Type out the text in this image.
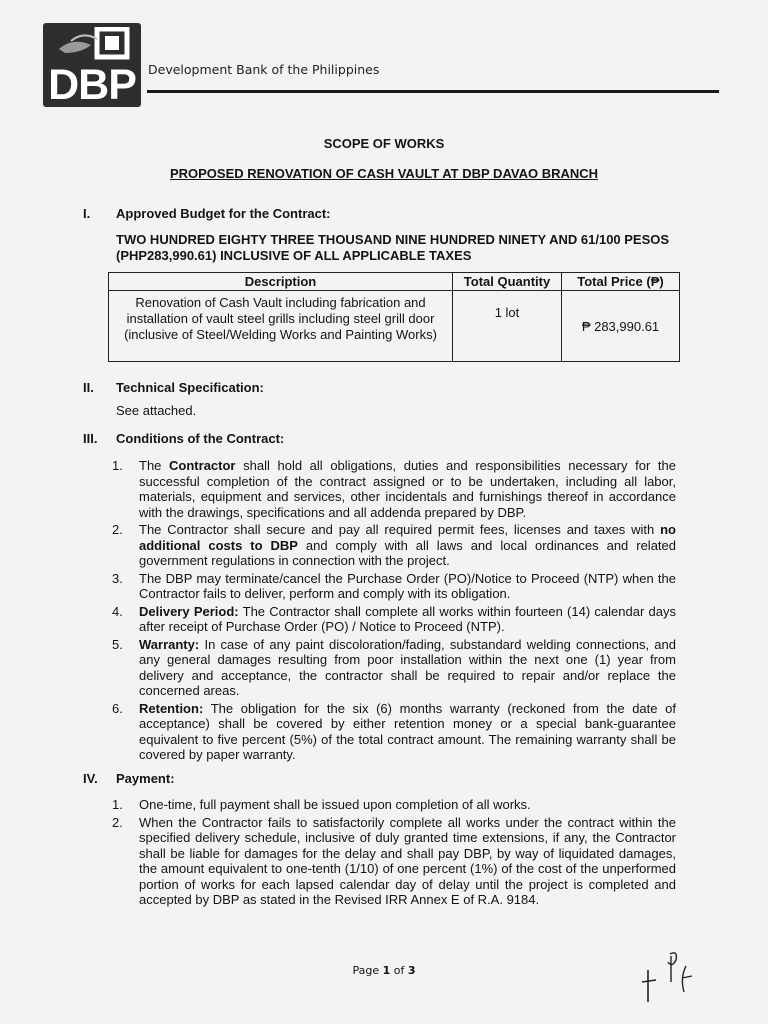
DBP Development Bank of the Philippines
SCOPE OF WORKS
PROPOSED RENOVATION OF CASH VAULT AT DBP DAVAO BRANCH
I. Approved Budget for the Contract:
TWO HUNDRED EIGHTY THREE THOUSAND NINE HUNDRED NINETY AND 61/100 PESOS (PHP283,990.61) INCLUSIVE OF ALL APPLICABLE TAXES
Description	Total Quantity	Total Price (₱)
Renovation of Cash Vault including fabrication and installation of vault steel grills including steel grill door (inclusive of Steel/Welding Works and Painting Works)	1 lot	₱ 283,990.61
II. Technical Specification:
See attached.
III. Conditions of the Contract:
1.	The Contractor shall hold all obligations, duties and responsibilities necessary for the successful completion of the contract assigned or to be undertaken, including all labor, materials, equipment and services, other incidentals and furnishings thereof in accordance with the drawings, specifications and all addenda prepared by DBP.
2.	The Contractor shall secure and pay all required permit fees, licenses and taxes with no additional costs to DBP and comply with all laws and local ordinances and related government regulations in connection with the project.
3.	The DBP may terminate/cancel the Purchase Order (PO)/Notice to Proceed (NTP) when the Contractor fails to deliver, perform and comply with its obligation.
4.	Delivery Period: The Contractor shall complete all works within fourteen (14) calendar days after receipt of Purchase Order (PO) / Notice to Proceed (NTP).
5.	Warranty: In case of any paint discoloration/fading, substandard welding connections, and any general damages resulting from poor installation within the next one (1) year from delivery and acceptance, the contractor shall be required to repair and/or replace the concerned areas.
6.	Retention: The obligation for the six (6) months warranty (reckoned from the date of acceptance) shall be covered by either retention money or a special bank-guarantee equivalent to five percent (5%) of the total contract amount. The remaining warranty shall be covered by paper warranty.
IV. Payment:
1.	One-time, full payment shall be issued upon completion of all works.
2.	When the Contractor fails to satisfactorily complete all works under the contract within the specified delivery schedule, inclusive of duly granted time extensions, if any, the Contractor shall be liable for damages for the delay and shall pay DBP, by way of liquidated damages, the amount equivalent to one-tenth (1/10) of one percent (1%) of the cost of the unperformed portion of works for each lapsed calendar day of delay until the project is completed and accepted by DBP as stated in the Revised IRR Annex E of R.A. 9184.
Page 1 of 3
